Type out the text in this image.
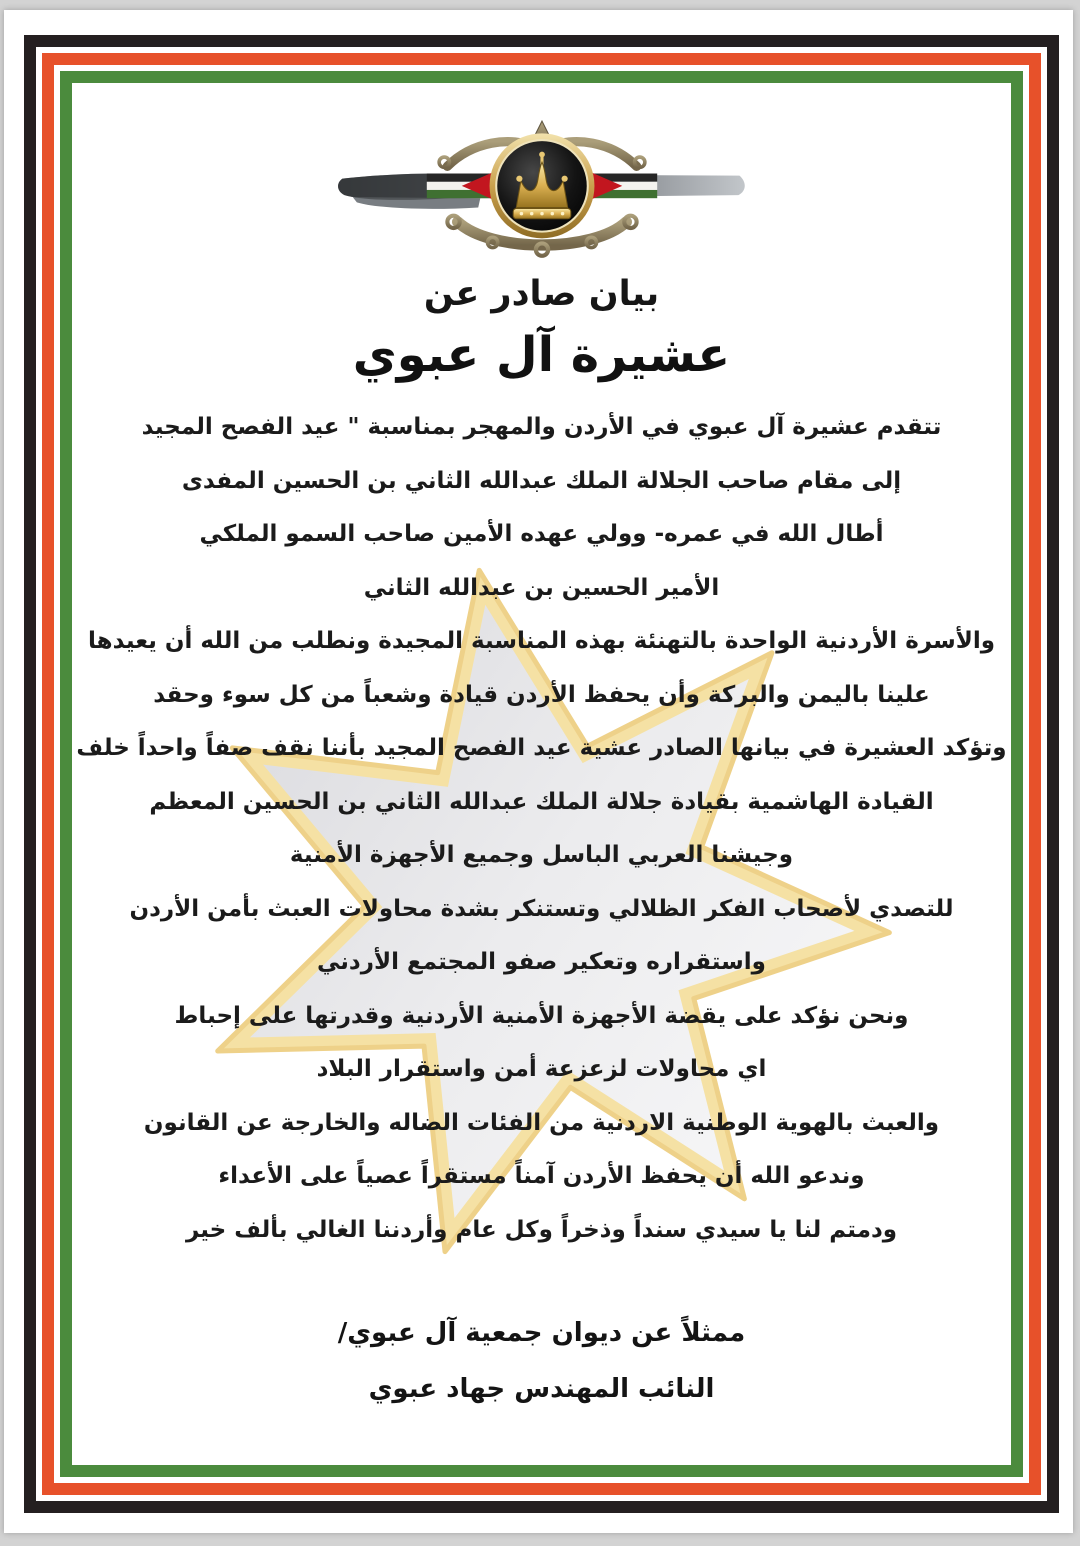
بيان صادر عن
عشيرة آل عبوي

تتقدم عشيرة آل عبوي في الأردن والمهجر بمناسبة " عيد الفصح المجيد

إلى مقام صاحب الجلالة الملك عبدالله الثاني بن الحسين المفدى

أطال الله في عمره- وولي عهده الأمين صاحب السمو الملكي

الأمير الحسين بن عبدالله الثاني

والأسرة الأردنية الواحدة بالتهنئة بهذه المناسبة المجيدة ونطلب من الله أن يعيدها

علينا باليمن والبركة وأن يحفظ الأردن قيادة وشعباً من كل سوء وحقد

وتؤكد العشيرة في بيانها الصادر عشية عيد الفصح المجيد بأننا نقف صفاً واحداً خلف

القيادة الهاشمية بقيادة جلالة الملك عبدالله الثاني بن الحسين المعظم

وجيشنا العربي الباسل وجميع الأجهزة الأمنية

للتصدي لأصحاب الفكر الظلالي وتستنكر بشدة محاولات العبث بأمن الأردن

واستقراره وتعكير صفو المجتمع الأردني

ونحن نؤكد على يقضة الأجهزة الأمنية الأردنية وقدرتها على إحباط

اي محاولات لزعزعة أمن واستقرار البلاد

والعبث بالهوية الوطنية الاردنية من الفئات الضاله والخارجة عن القانون

وندعو الله أن يحفظ الأردن آمناً مستقراً عصياً على الأعداء

ودمتم لنا يا سيدي سنداً وذخراً وكل عام وأردننا الغالي بألف خير

ممثلاً عن ديوان جمعية آل عبوي/

النائب المهندس جهاد عبوي
